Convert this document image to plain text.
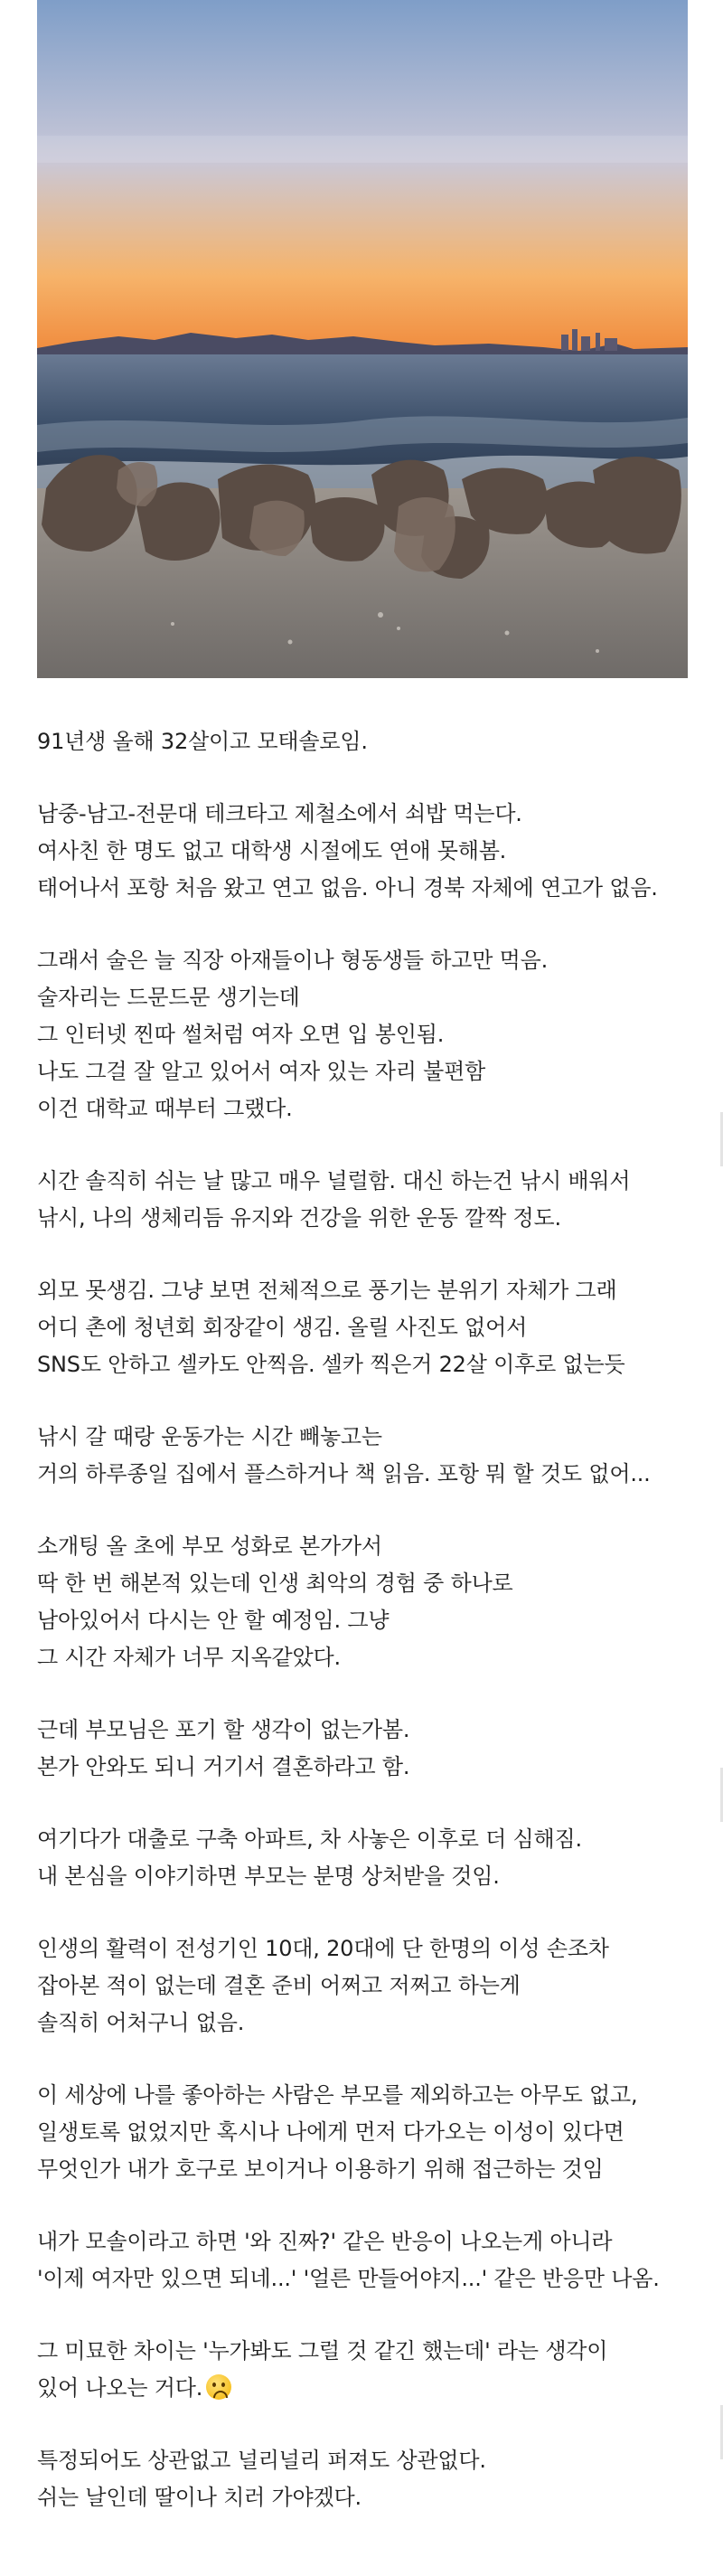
91년생 올해 32살이고 모태솔로임.
남중-남고-전문대 테크타고 제철소에서 쇠밥 먹는다.
여사친 한 명도 없고 대학생 시절에도 연애 못해봄.
태어나서 포항 처음 왔고 연고 없음. 아니 경북 자체에 연고가 없음.
그래서 술은 늘 직장 아재들이나 형동생들 하고만 먹음.
술자리는 드문드문 생기는데
그 인터넷 찐따 썰처럼 여자 오면 입 봉인됨.
나도 그걸 잘 알고 있어서 여자 있는 자리 불편함
이건 대학교 때부터 그랬다.
시간 솔직히 쉬는 날 많고 매우 널럴함. 대신 하는건 낚시 배워서
낚시, 나의 생체리듬 유지와 건강을 위한 운동 깔짝 정도.
외모 못생김. 그냥 보면 전체적으로 풍기는 분위기 자체가 그래
어디 촌에 청년회 회장같이 생김. 올릴 사진도 없어서
SNS도 안하고 셀카도 안찍음. 셀카 찍은거 22살 이후로 없는듯
낚시 갈 때랑 운동가는 시간 빼놓고는
거의 하루종일 집에서 플스하거나 책 읽음. 포항 뭐 할 것도 없어...
소개팅 올 초에 부모 성화로 본가가서
딱 한 번 해본적 있는데 인생 최악의 경험 중 하나로
남아있어서 다시는 안 할 예정임. 그냥
그 시간 자체가 너무 지옥같았다.
근데 부모님은 포기 할 생각이 없는가봄.
본가 안와도 되니 거기서 결혼하라고 함.
여기다가 대출로 구축 아파트, 차 사놓은 이후로 더 심해짐.
내 본심을 이야기하면 부모는 분명 상처받을 것임.
인생의 활력이 전성기인 10대, 20대에 단 한명의 이성 손조차
잡아본 적이 없는데 결혼 준비 어쩌고 저쩌고 하는게
솔직히 어처구니 없음.
이 세상에 나를 좋아하는 사람은 부모를 제외하고는 아무도 없고,
일생토록 없었지만 혹시나 나에게 먼저 다가오는 이성이 있다면
무엇인가 내가 호구로 보이거나 이용하기 위해 접근하는 것임
내가 모솔이라고 하면 '와 진짜?' 같은 반응이 나오는게 아니라
'이제 여자만 있으면 되네...' '얼른 만들어야지...' 같은 반응만 나옴.
그 미묘한 차이는 '누가봐도 그럴 것 같긴 했는데' 라는 생각이
있어 나오는 거다.
특정되어도 상관없고 널리널리 퍼져도 상관없다.
쉬는 날인데 딸이나 치러 가야겠다.
